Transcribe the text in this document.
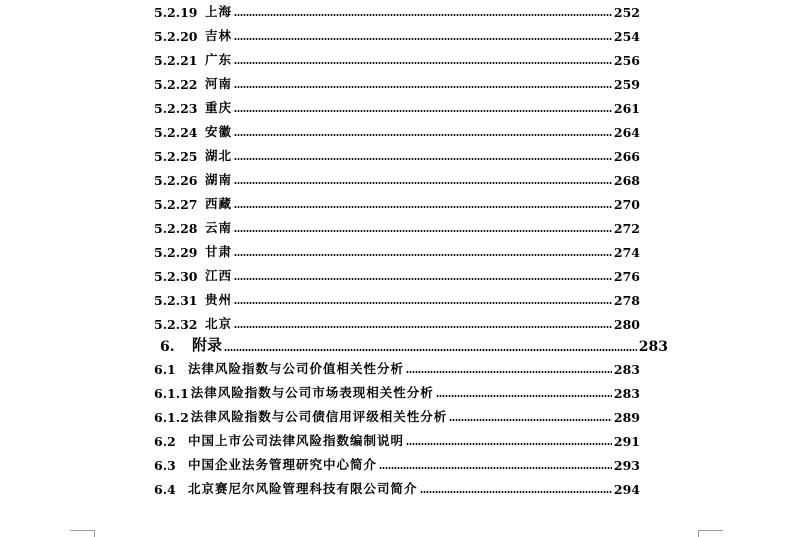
5.2.19 上海	252
5.2.20 吉林	254
5.2.21 广东	256
5.2.22 河南	259
5.2.23 重庆	261
5.2.24 安徽	264
5.2.25 湖北	266
5.2.26 湖南	268
5.2.27 西藏	270
5.2.28 云南	272
5.2.29 甘肃	274
5.2.30 江西	276
5.2.31 贵州	278
5.2.32 北京	280
6.	附录	283
6.1 法律风险指数与公司价值相关性分析	283
6.1.1 法律风险指数与公司市场表现相关性分析	283
6.1.2 法律风险指数与公司债信用评级相关性分析	289
6.2 中国上市公司法律风险指数编制说明	291
6.3 中国企业法务管理研究中心简介	293
6.4 北京赛尼尔风险管理科技有限公司简介	294
